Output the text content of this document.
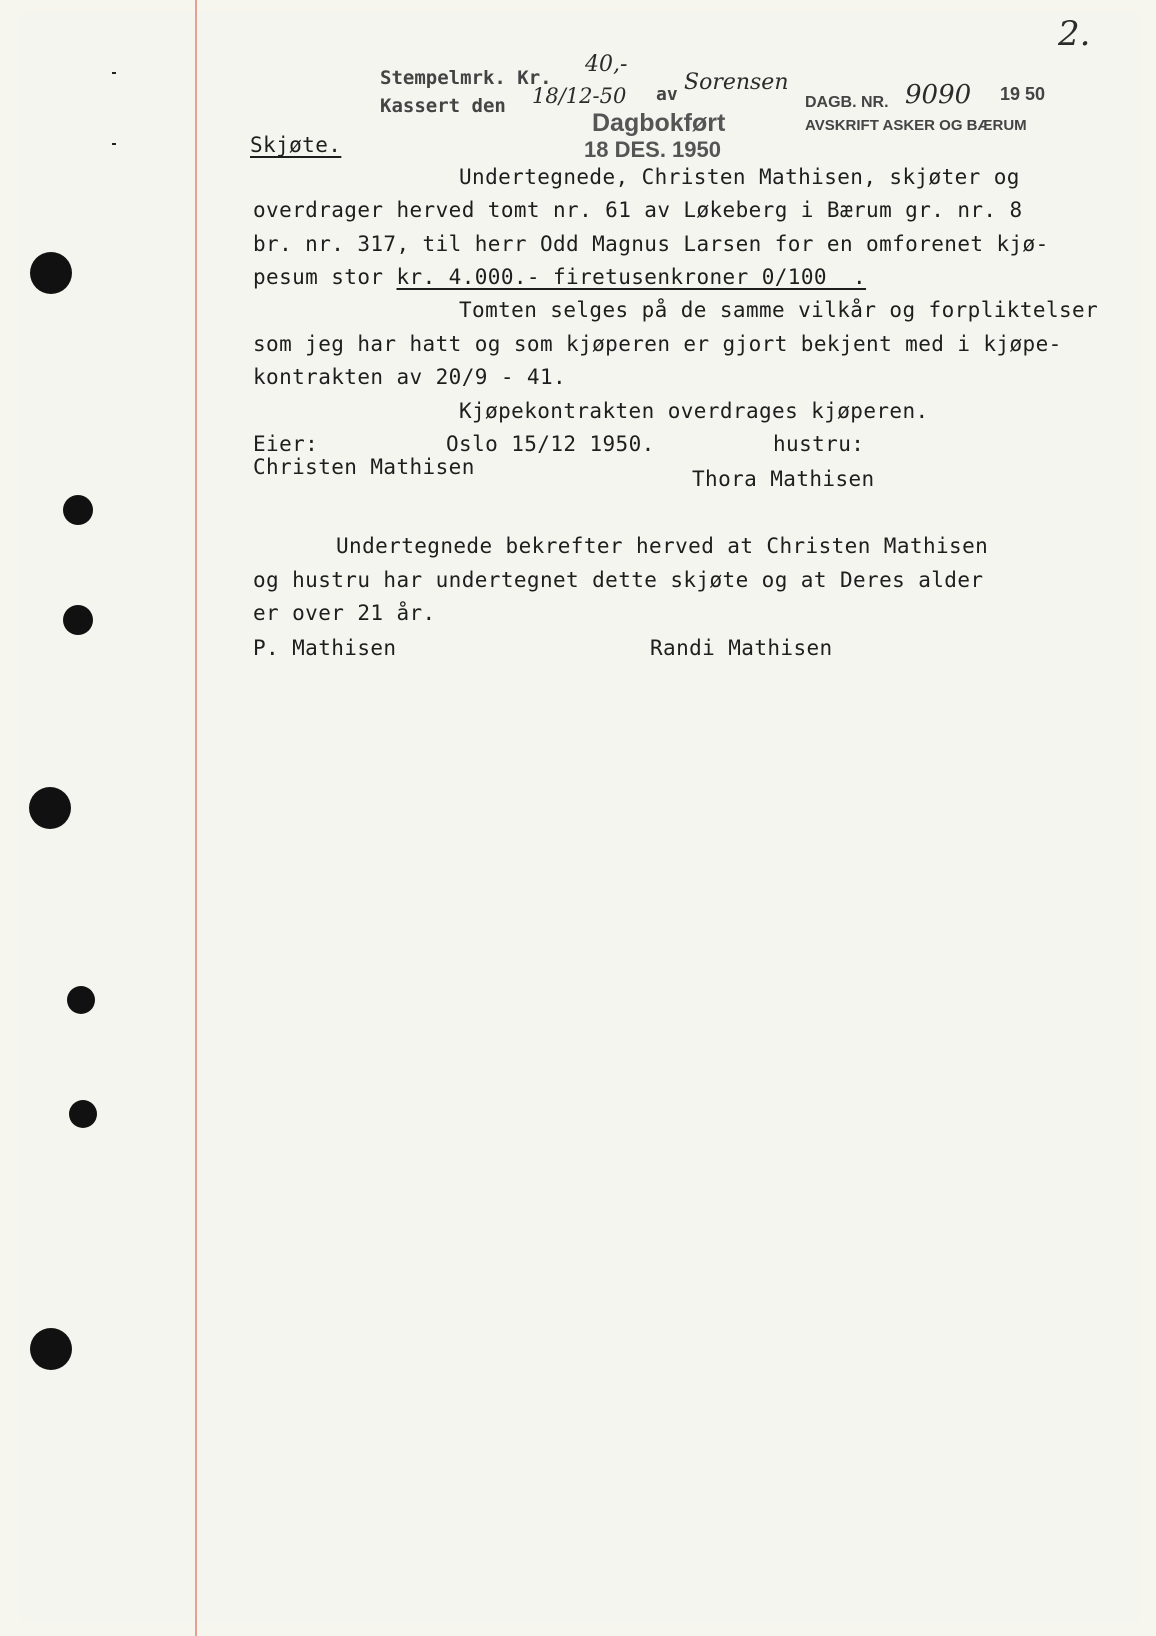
2.
Stempelmrk. Kr.
40,-
Kassert den 18/12-50 av Sorensen
Dagbokført
18 DES. 1950
DAGB. NR. 9090 19 50
AVSKRIFT ASKER OG BÆRUM
Skjøte.
Undertegnede, Christen Mathisen, skjøter og
overdrager herved tomt nr. 61 av Løkeberg i Bærum gr. nr. 8
br. nr. 317, til herr Odd Magnus Larsen for en omforenet kjø-
pesum stor kr. 4.000.- firetusenkroner 0/100  .
Tomten selges på de samme vilkår og forpliktelser
som jeg har hatt og som kjøperen er gjort bekjent med i kjøpe-
kontrakten av 20/9 - 41.
Kjøpekontrakten overdrages kjøperen.
Eier:	Oslo 15/12 1950.	hustru:
Christen Mathisen	Thora Mathisen
Undertegnede bekrefter herved at Christen Mathisen
og hustru har undertegnet dette skjøte og at Deres alder
er over 21 år.
P. Mathisen	Randi Mathisen
